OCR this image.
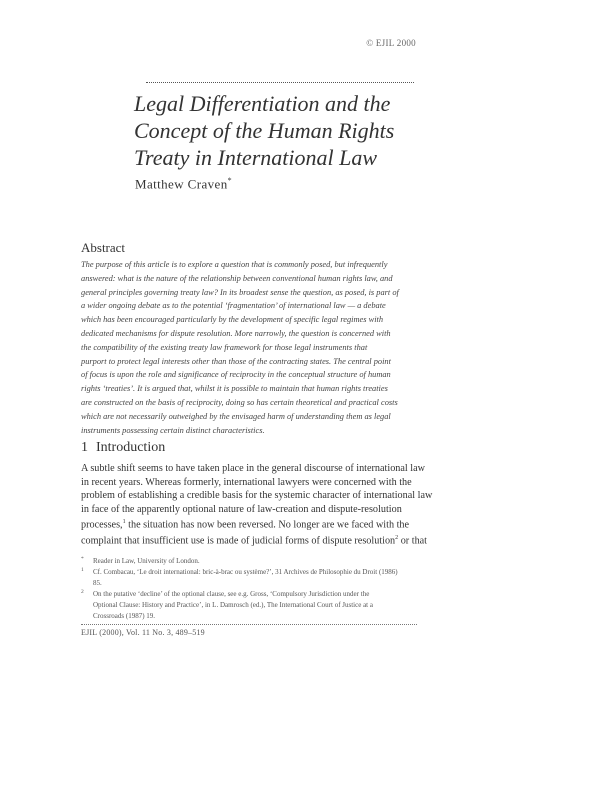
© EJIL 2000
Legal Differentiation and the
Concept of the Human Rights
Treaty in International Law
Matthew Craven*
Abstract
The purpose of this article is to explore a question that is commonly posed, but infrequently
answered: what is the nature of the relationship between conventional human rights law, and
general principles governing treaty law? In its broadest sense the question, as posed, is part of
a wider ongoing debate as to the potential ‘fragmentation’ of international law — a debate
which has been encouraged particularly by the development of specific legal regimes with
dedicated mechanisms for dispute resolution. More narrowly, the question is concerned with
the compatibility of the existing treaty law framework for those legal instruments that
purport to protect legal interests other than those of the contracting states. The central point
of focus is upon the role and significance of reciprocity in the conceptual structure of human
rights ‘treaties’. It is argued that, whilst it is possible to maintain that human rights treaties
are constructed on the basis of reciprocity, doing so has certain theoretical and practical costs
which are not necessarily outweighed by the envisaged harm of understanding them as legal
instruments possessing certain distinct characteristics.
1 Introduction
A subtle shift seems to have taken place in the general discourse of international law
in recent years. Whereas formerly, international lawyers were concerned with the
problem of establishing a credible basis for the systemic character of international law
in face of the apparently optional nature of law-creation and dispute-resolution
processes,$^1$ the situation has now been reversed. No longer are we faced with the
complaint that insufficient use is made of judicial forms of dispute resolution$^2$ or that
* Reader in Law, University of London.
1 Cf. Combacau, ‘Le droit international: bric-à-brac ou système?’, 31 Archives de Philosophie du Droit (1986)
85.
2 On the putative ‘decline’ of the optional clause, see e.g. Gross, ‘Compulsory Jurisdiction under the
Optional Clause: History and Practice’, in L. Damrosch (ed.), The International Court of Justice at a
Crossroads (1987) 19.
EJIL (2000), Vol. 11 No. 3, 489–519
